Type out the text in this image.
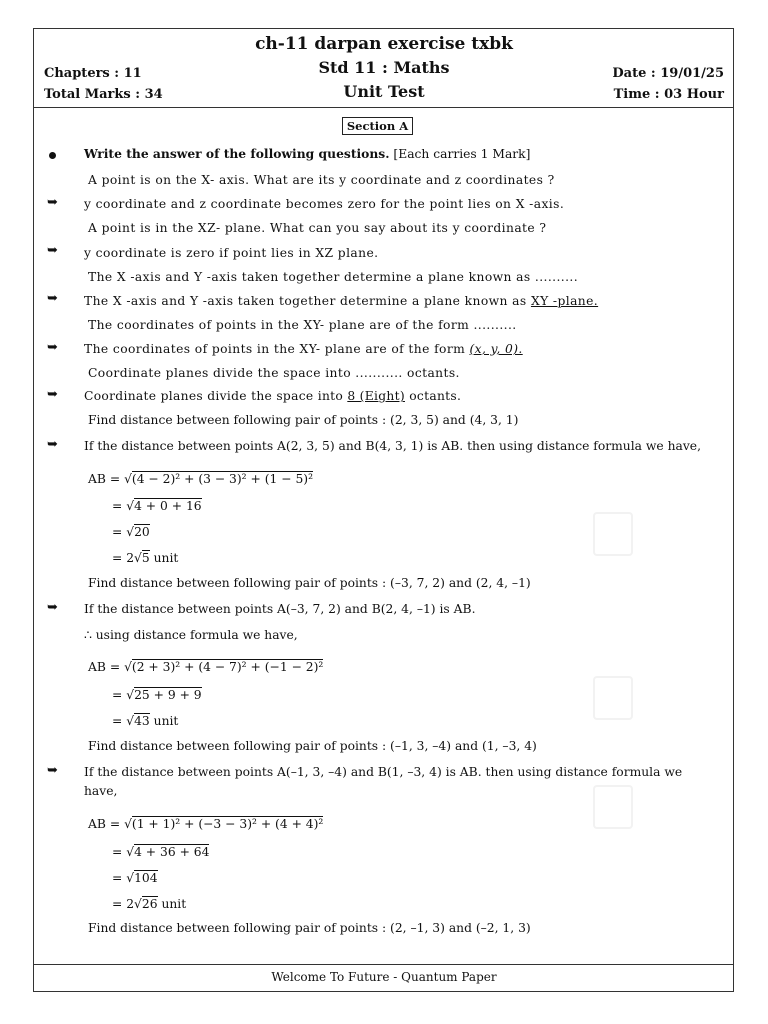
ch-11 darpan exercise txbk
Std 11 : Maths
Unit Test
Chapters : 11
Total Marks : 34
Date : 19/01/25
Time : 03 Hour
Section A
Write the answer of the following questions. [Each carries 1 Mark]
A point is on the X- axis. What are its y coordinate and z coordinates ?
➥ y coordinate and z coordinate becomes zero for the point lies on X -axis.
A point is in the XZ- plane. What can you say about its y coordinate ?
➥ y coordinate is zero if point lies in XZ plane.
The X -axis and Y -axis taken together determine a plane known as ..........
➥ The X -axis and Y -axis taken together determine a plane known as XY -plane.
The coordinates of points in the XY- plane are of the form ..........
➥ The coordinates of points in the XY- plane are of the form (x, y, 0).
Coordinate planes divide the space into ........... octants.
➥ Coordinate planes divide the space into 8 (Eight) octants.
Find distance between following pair of points : (2, 3, 5) and (4, 3, 1)
➥ If the distance between points A(2, 3, 5) and B(4, 3, 1) is AB. then using distance formula we have,
AB = √(4 − 2)² + (3 − 3)² + (1 − 5)²
= √4 + 0 + 16
= √20
= 2√5 unit
Find distance between following pair of points : (–3, 7, 2) and (2, 4, –1)
➥ If the distance between points A(–3, 7, 2) and B(2, 4, –1) is AB.
∴ using distance formula we have,
AB = √(2 + 3)² + (4 − 7)² + (−1 − 2)²
= √25 + 9 + 9
= √43 unit
Find distance between following pair of points : (–1, 3, –4) and (1, –3, 4)
➥ If the distance between points A(–1, 3, –4) and B(1, –3, 4) is AB. then using distance formula we
have,
AB = √(1 + 1)² + (−3 − 3)² + (4 + 4)²
= √4 + 36 + 64
= √104
= 2√26 unit
Find distance between following pair of points : (2, –1, 3) and (–2, 1, 3)
Welcome To Future - Quantum Paper
